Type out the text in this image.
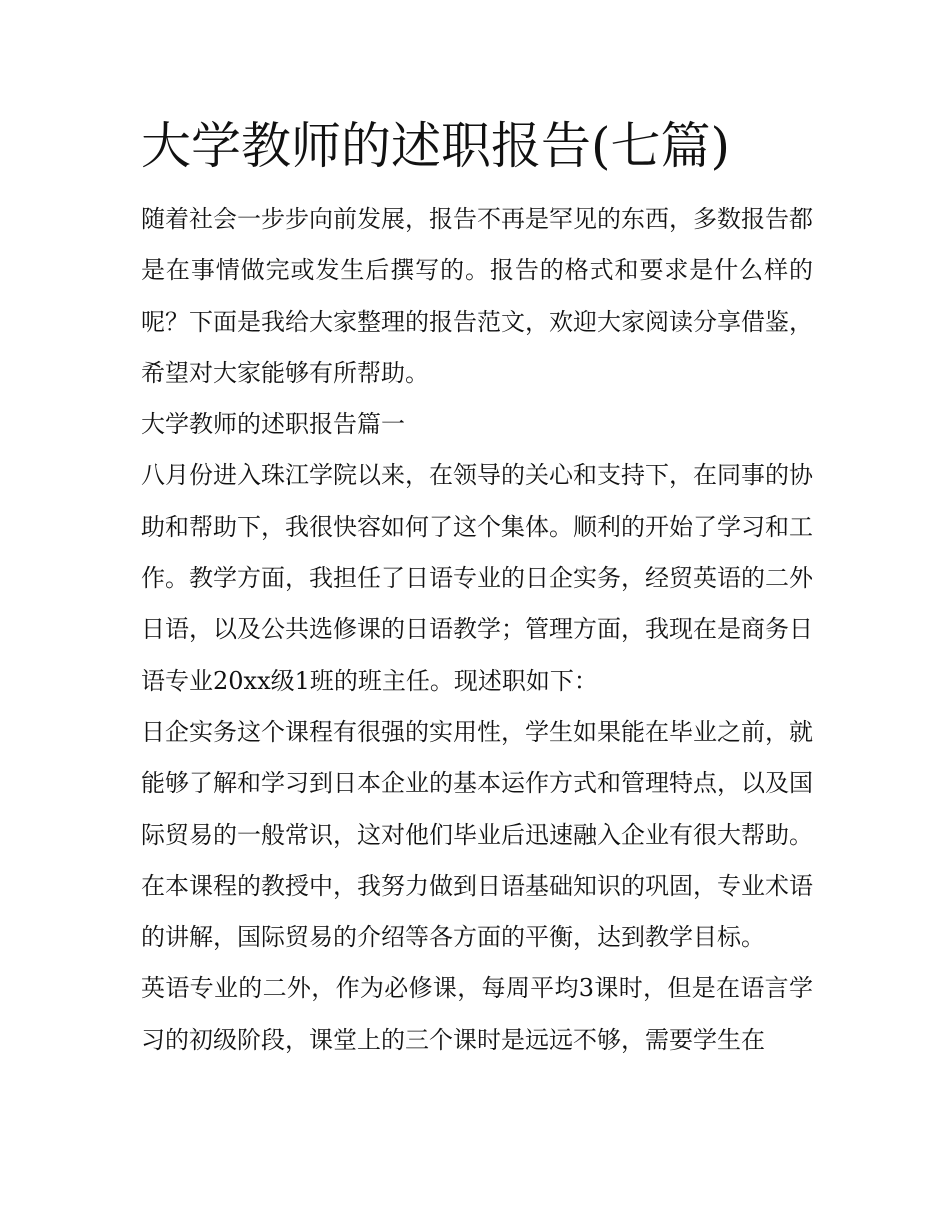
大学教师的述职报告(七篇)

随着社会一步步向前发展，报告不再是罕见的东西，多数报告都是在事情做完或发生后撰写的。报告的格式和要求是什么样的呢？下面是我给大家整理的报告范文，欢迎大家阅读分享借鉴，希望对大家能够有所帮助。

大学教师的述职报告篇一

八月份进入珠江学院以来，在领导的关心和支持下，在同事的协助和帮助下，我很快容如何了这个集体。顺利的开始了学习和工作。教学方面，我担任了日语专业的日企实务，经贸英语的二外日语，以及公共选修课的日语教学；管理方面，我现在是商务日语专业20xx级1班的班主任。现述职如下：

日企实务这个课程有很强的实用性，学生如果能在毕业之前，就能够了解和学习到日本企业的基本运作方式和管理特点，以及国际贸易的一般常识，这对他们毕业后迅速融入企业有很大帮助。在本课程的教授中，我努力做到日语基础知识的巩固，专业术语的讲解，国际贸易的介绍等各方面的平衡，达到教学目标。

英语专业的二外，作为必修课，每周平均3课时，但是在语言学习的初级阶段，课堂上的三个课时是远远不够，需要学生在
